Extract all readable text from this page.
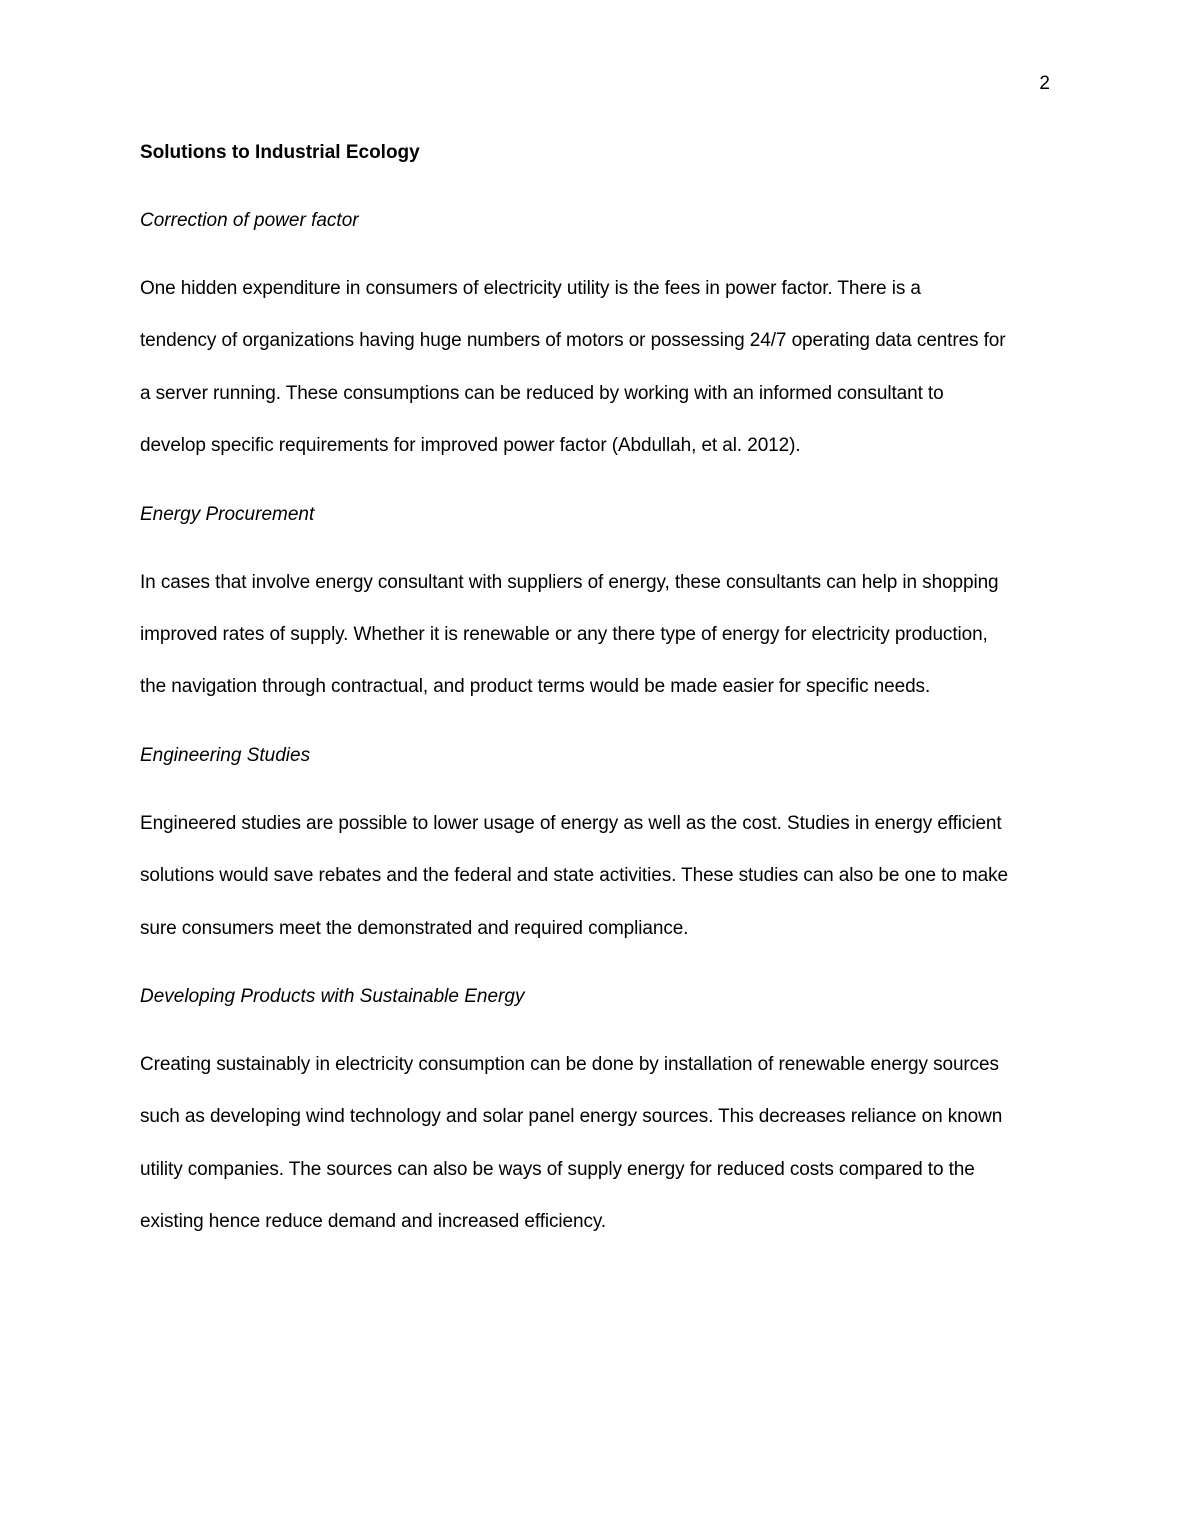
2
Solutions to Industrial Ecology
Correction of power factor
One hidden expenditure in consumers of electricity utility is the fees in power factor. There is a
tendency of organizations having huge numbers of motors or possessing 24/7 operating data centres for
a server running. These consumptions can be reduced by working with an informed consultant to
develop specific requirements for improved power factor (Abdullah, et al. 2012).
Energy Procurement
In cases that involve energy consultant with suppliers of energy, these consultants can help in shopping
improved rates of supply. Whether it is renewable or any there type of energy for electricity production,
the navigation through contractual, and product terms would be made easier for specific needs.
Engineering Studies
Engineered studies are possible to lower usage of energy as well as the cost. Studies in energy efficient
solutions would save rebates and the federal and state activities. These studies can also be one to make
sure consumers meet the demonstrated and required compliance.
Developing Products with Sustainable Energy
Creating sustainably in electricity consumption can be done by installation of renewable energy sources
such as developing wind technology and solar panel energy sources. This decreases reliance on known
utility companies. The sources can also be ways of supply energy for reduced costs compared to the
existing hence reduce demand and increased efficiency.
